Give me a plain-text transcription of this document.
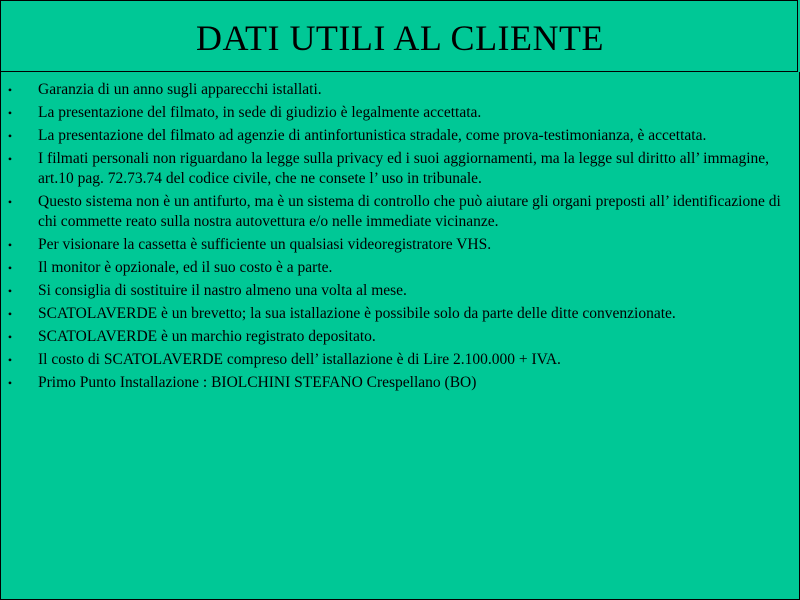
DATI UTILI AL CLIENTE
• Garanzia di un anno sugli apparecchi istallati.
• La presentazione del filmato, in sede di giudizio è legalmente accettata.
• La presentazione del filmato ad agenzie di antinfortunistica stradale, come prova-testimonianza, è accettata.
• I filmati personali non riguardano la legge sulla privacy ed i suoi aggiornamenti, ma la legge sul diritto all’ immagine, art.10 pag. 72.73.74 del codice civile, che ne consete l’ uso in tribunale.
• Questo sistema non è un antifurto, ma è un sistema di controllo che può aiutare gli organi preposti all’ identificazione di chi commette reato sulla nostra autovettura e/o nelle immediate vicinanze.
• Per visionare la cassetta è sufficiente un qualsiasi videoregistratore VHS.
• Il monitor è opzionale, ed il suo costo è a parte.
• Si consiglia di sostituire il nastro almeno una volta al mese.
• SCATOLAVERDE è un brevetto; la sua istallazione è possibile solo da parte delle ditte convenzionate.
• SCATOLAVERDE è un marchio registrato depositato.
• Il costo di SCATOLAVERDE compreso dell’ istallazione è di Lire 2.100.000 + IVA.
• Primo Punto Installazione : BIOLCHINI STEFANO Crespellano (BO)
